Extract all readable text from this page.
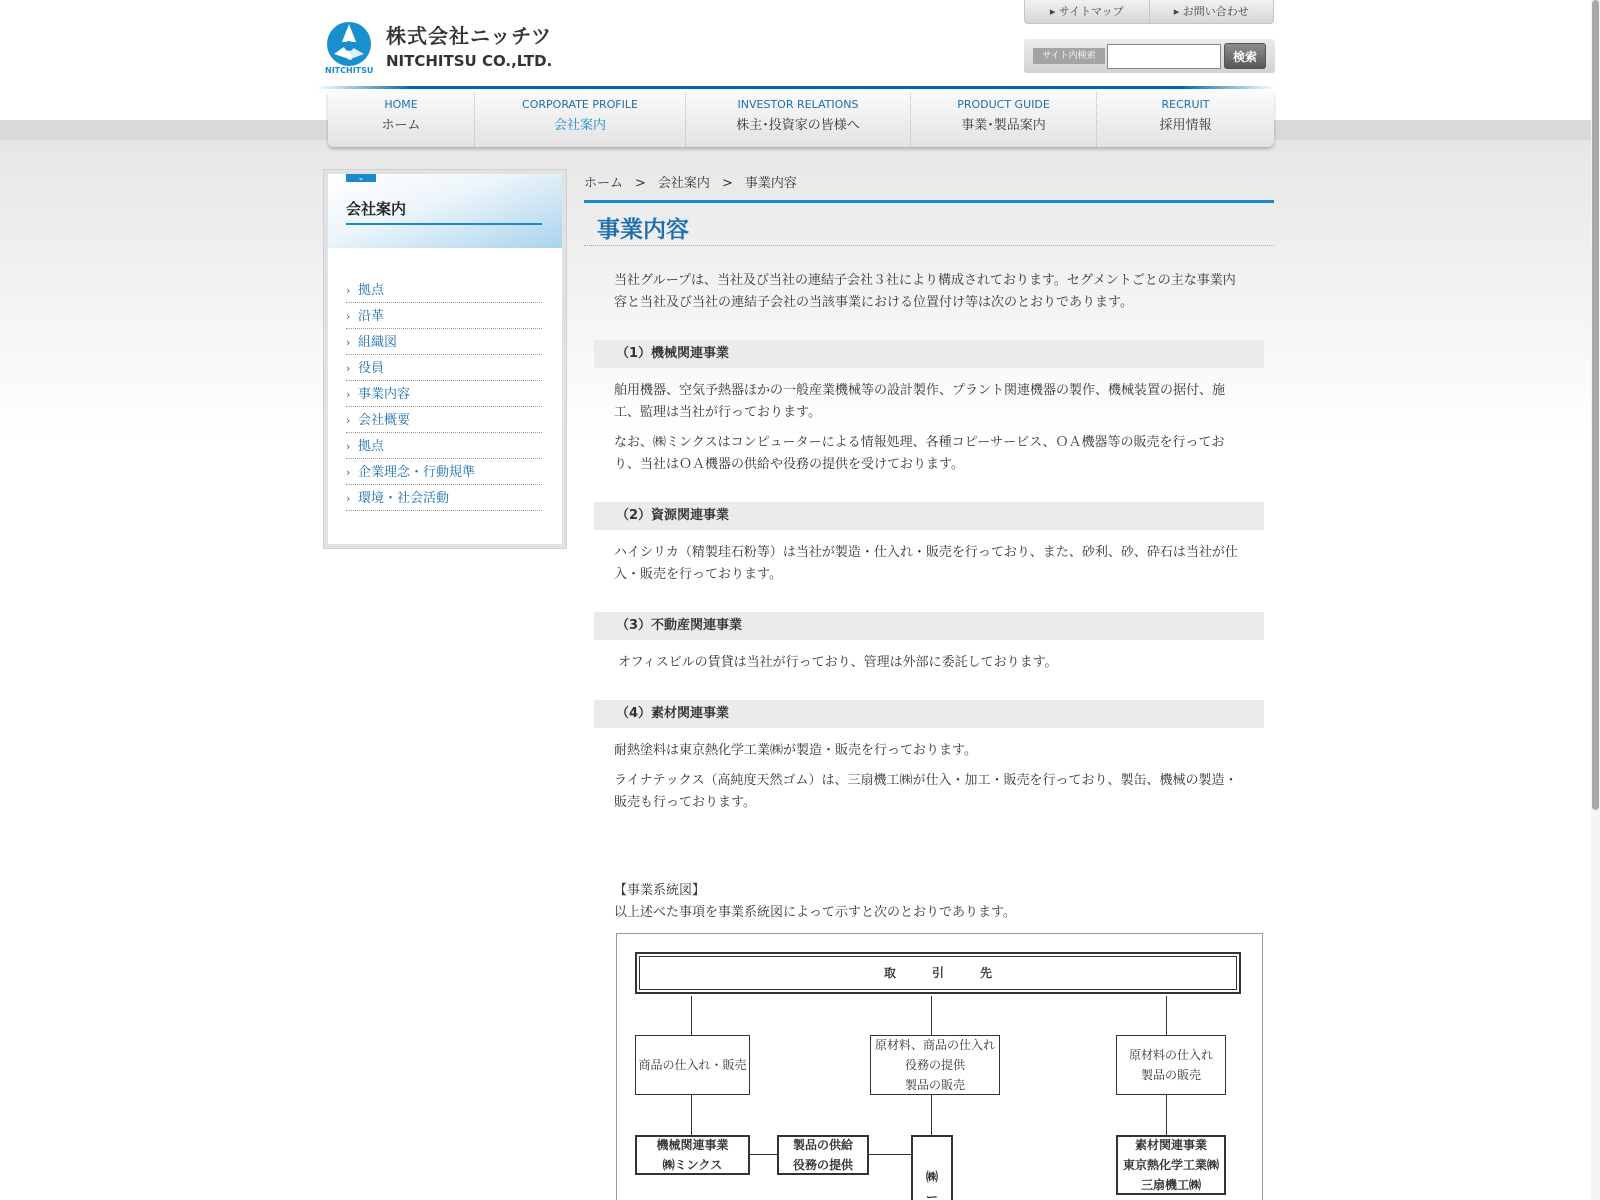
NITCHITSU
株式会社ニッチツ
NITCHITSU CO.,LTD.
▸ サイトマップ	▸ お問い合わせ
サイト内検索	検索
HOME
ホーム
CORPORATE PROFILE
会社案内
INVESTOR RELATIONS
株主･投資家の皆様へ
PRODUCT GUIDE
事業･製品案内
RECRUIT
採用情報
⌄
会社案内
› 拠点
› 沿革
› 組織図
› 役員
› 事業内容
› 会社概要
› 拠点
› 企業理念・行動規準
› 環境・社会活動
ホーム > 会社案内 > 事業内容
事業内容

当社グループは、当社及び当社の連結子会社３社により構成されております。セグメントごとの主な事業内容と当社及び当社の連結子会社の当該事業における位置付け等は次のとおりであります。

（1）機械関連事業

舶用機器、空気予熱器ほかの一般産業機械等の設計製作、プラント関連機器の製作、機械装置の据付、施工、監理は当社が行っております。

なお、㈱ミンクスはコンピューターによる情報処理、各種コピーサービス、ＯＡ機器等の販売を行っており、当社はＯＡ機器の供給や役務の提供を受けております。

（2）資源関連事業

ハイシリカ（精製珪石粉等）は当社が製造・仕入れ・販売を行っており、また、砂利、砂、砕石は当社が仕入・販売を行っております。

（3）不動産関連事業

オフィスビルの賃貸は当社が行っており、管理は外部に委託しております。

（4）素材関連事業

耐熱塗料は東京熱化学工業㈱が製造・販売を行っております。

ライナテックス（高純度天然ゴム）は、三扇機工㈱が仕入・加工・販売を行っており、製缶、機械の製造・販売も行っております。

【事業系統図】
以上述べた事項を事業系統図によって示すと次のとおりであります。

取引先
商品の仕入れ・販売
原材料、商品の仕入れ
役務の提供
製品の販売
原材料の仕入れ
製品の販売
機械関連事業
㈱ミンクス
製品の供給
役務の提供
㈱
ー
素材関連事業
東京熱化学工業㈱
三扇機工㈱
